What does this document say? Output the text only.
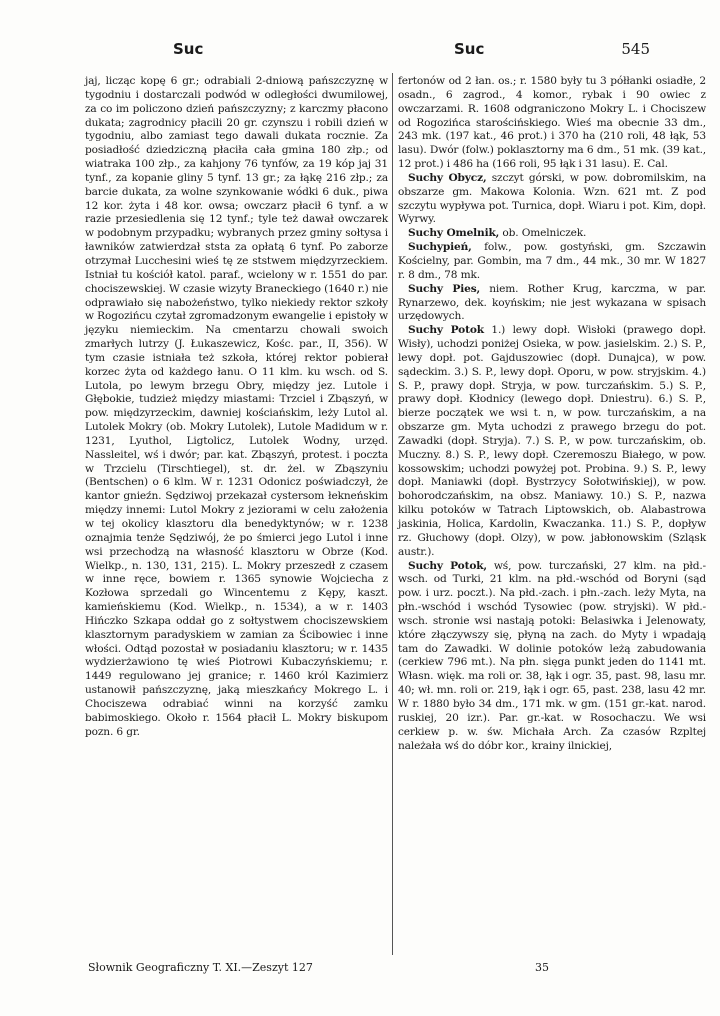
Suc	Suc	545

jaj, licząc kopę 6 gr.; odrabiali 2-dniową pańszczyznę w tygodniu i dostarczali podwód w odległości dwumilowej, za co im policzono dzień pańszczyzny; z karczmy płacono dukata; zagrodnicy płacili 20 gr. czynszu i robili dzień w tygodniu, albo zamiast tego dawali dukata rocznie. Za posiadłość dziedziczną płaciła cała gmina 180 złp.; od wiatraka 100 złp., za kahjony 76 tynfów, za 19 kóp jaj 31 tynf., za kopanie gliny 5 tynf. 13 gr.; za łąkę 216 złp.; za barcie dukata, za wolne szynkowanie wódki 6 duk., piwa 12 kor. żyta i 48 kor. owsa; owczarz płacił 6 tynf. a w razie przesiedlenia się 12 tynf.; tyle też dawał owczarek w podobnym przypadku; wybranych przez gminy sołtysa i ławników zatwierdzał ststa za opłatą 6 tynf. Po zaborze otrzymał Lucchesini wieś tę ze ststwem międzyrzeckiem. Istniał tu kościół katol. paraf., wcielony w r. 1551 do par. chociszewskiej. W czasie wizyty Braneckiego (1640 r.) nie odprawiało się nabożeństwo, tylko niekiedy rektor szkoły w Rogozińcu czytał zgromadzonym ewangelie i epistoły w języku niemieckim. Na cmentarzu chowali swoich zmarłych lutrzy (J. Łukaszewicz, Kośc. par., II, 356). W tym czasie istniała też szkoła, której rektor pobierał korzec żyta od każdego łanu. O 11 klm. ku wsch. od S. Lutola, po lewym brzegu Obry, między jez. Lutole i Głębokie, tudzież między miastami: Trzciel i Zbąszyń, w pow. międzyrzeckim, dawniej kościańskim, leży Lutol al. Lutolek Mokry (ob. Mokry Lutolek), Lutole Madidum w r. 1231, Lyuthol, Ligtolicz, Lutolek Wodny, urzęd. Nassleitel, wś i dwór; par. kat. Zbąszyń, protest. i poczta w Trzcielu (Tirschtiegel), st. dr. żel. w Zbąszyniu (Bentschen) o 6 klm. W r. 1231 Odonicz poświadczył, że kantor gnieźn. Sędziwoj przekazał cystersom łekneńskim między innemi: Lutol Mokry z jeziorami w celu założenia w tej okolicy klasztoru dla benedyktynów; w r. 1238 oznajmia tenże Sędziwój, że po śmierci jego Lutol i inne wsi przechodzą na własność klasztoru w Obrze (Kod. Wielkp., n. 130, 131, 215). L. Mokry przeszedł z czasem w inne ręce, bowiem r. 1365 synowie Wojciecha z Kozłowa sprzedali go Wincentemu z Kępy, kaszt. kamieńskiemu (Kod. Wielkp., n. 1534), a w r. 1403 Hińczko Szkapa oddał go z sołtystwem chociszewskiem klasztornym paradyskiem w zamian za Ścibowiec i inne włości. Odtąd pozostał w posiadaniu klasztoru; w r. 1435 wydzierżawiono tę wieś Piotrowi Kubaczyńskiemu; r. 1449 regulowano jej granice; r. 1460 król Kazimierz ustanowił pańszczyznę, jaką mieszkańcy Mokrego L. i Chociszewa odrabiać winni na korzyść zamku babimoskiego. Około r. 1564 płacił L. Mokry biskupom pozn. 6 gr.

fertonów od 2 łan. os.; r. 1580 były tu 3 półłanki osiadłe, 2 osadn., 6 zagrod., 4 komor., rybak i 90 owiec z owczarzami. R. 1608 odgraniczono Mokry L. i Chociszew od Rogozińca starościńskiego. Wieś ma obecnie 33 dm., 243 mk. (197 kat., 46 prot.) i 370 ha (210 roli, 48 łąk, 53 lasu). Dwór (folw.) poklasztorny ma 6 dm., 51 mk. (39 kat., 12 prot.) i 486 ha (166 roli, 95 łąk i 31 lasu). E. Cal.

Suchy Obycz, szczyt górski, w pow. dobromilskim, na obszarze gm. Makowa Kolonia. Wzn. 621 mt. Z pod szczytu wypływa pot. Turnica, dopł. Wiaru i pot. Kim, dopł. Wyrwy.

Suchy Omelnik, ob. Omelniczek.

Suchypień, folw., pow. gostyński, gm. Szczawin Kościelny, par. Gombin, ma 7 dm., 44 mk., 30 mr. W 1827 r. 8 dm., 78 mk.

Suchy Pies, niem. Rother Krug, karczma, w par. Rynarzewo, dek. koyńskim; nie jest wykazana w spisach urzędowych.

Suchy Potok 1.) lewy dopł. Wisłoki (prawego dopł. Wisły), uchodzi poniżej Osieka, w pow. jasielskim. 2.) S. P., lewy dopł. pot. Gajduszowiec (dopł. Dunajca), w pow. sądeckim. 3.) S. P., lewy dopł. Oporu, w pow. stryjskim. 4.) S. P., prawy dopł. Stryja, w pow. turczańskim. 5.) S. P., prawy dopł. Kłodnicy (lewego dopł. Dniestru). 6.) S. P., bierze początek we wsi t. n, w pow. turczańskim, a na obszarze gm. Myta uchodzi z prawego brzegu do pot. Zawadki (dopł. Stryja). 7.) S. P., w pow. turczańskim, ob. Muczny. 8.) S. P., lewy dopł. Czeremoszu Białego, w pow. kossowskim; uchodzi powyżej pot. Probina. 9.) S. P., lewy dopł. Maniawki (dopł. Bystrzycy Sołotwińskiej), w pow. bohorodczańskim, na obsz. Maniawy. 10.) S. P., nazwa kilku potoków w Tatrach Liptowskich, ob. Alabastrowa jaskinia, Holica, Kardolin, Kwaczanka. 11.) S. P., dopływ rz. Głuchowy (dopł. Olzy), w pow. jabłonowskim (Szląsk austr.).

Suchy Potok, wś, pow. turczański, 27 klm. na płd.-wsch. od Turki, 21 klm. na płd.-wschód od Boryni (sąd pow. i urz. poczt.). Na płd.-zach. i płn.-zach. leży Myta, na płn.-wschód i wschód Tysowiec (pow. stryjski). W płd.-wsch. stronie wsi nastają potoki: Belasiwka i Jelenowaty, które złączywszy się, płyną na zach. do Myty i wpadają tam do Zawadki. W dolinie potoków leżą zabudowania (cerkiew 796 mt.). Na płn. sięga punkt jeden do 1141 mt. Własn. więk. ma roli or. 38, łąk i ogr. 35, past. 98, lasu mr. 40; wł. mn. roli or. 219, łąk i ogr. 65, past. 238, lasu 42 mr. W r. 1880 było 34 dm., 171 mk. w gm. (151 gr.-kat. narod. ruskiej, 20 izr.). Par. gr.-kat. w Rosochaczu. We wsi cerkiew p. w. św. Michała Arch. Za czasów Rzpltej należała wś do dóbr kor., krainy ilnickiej,

Słownik Geograficzny T. XI.—Zeszyt 127	35
